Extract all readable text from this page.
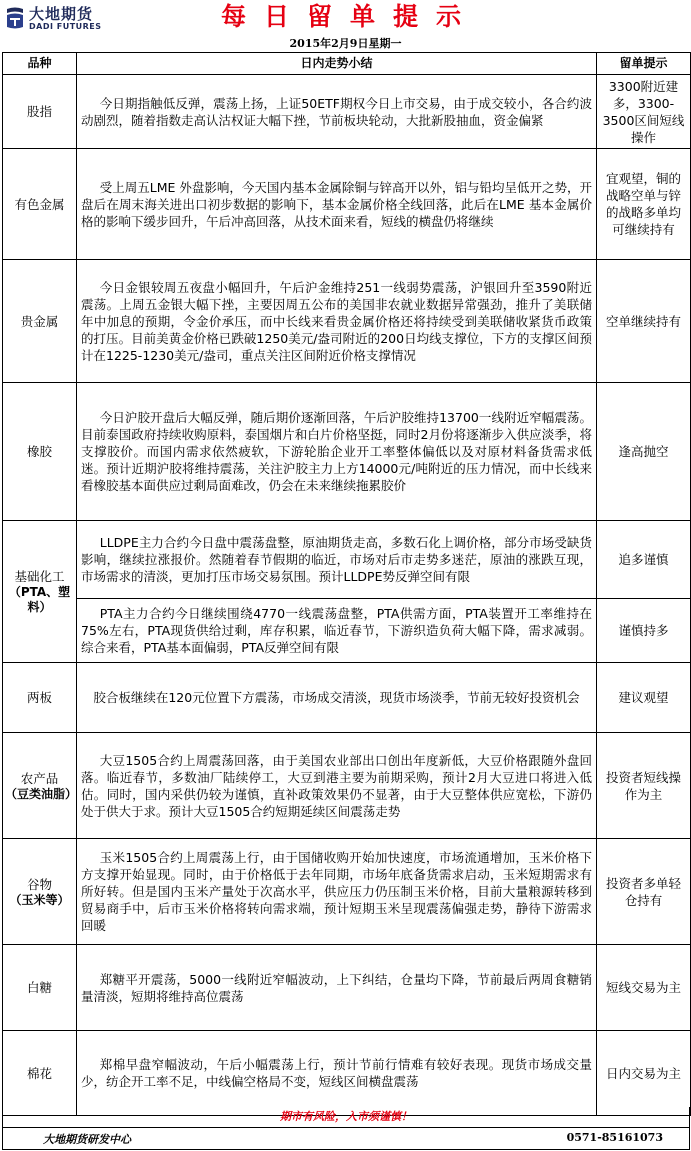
大地期货
DADI FUTURES	每日留单提示
2015年2月9日星期一
品种	日内走势小结	留单提示
股指	今日期指触低反弹，震荡上扬，上证50ETF期权今日上市交易，由于成交较小，各合约波动剧烈，随着指数走高认沽权证大幅下挫，节前板块轮动，大批新股抽血，资金偏紧	3300附近建多，3300-3500区间短线操作
有色金属	受上周五LME 外盘影响，今天国内基本金属除铜与锌高开以外，铝与铅均呈低开之势，开盘后在周末海关进出口初步数据的影响下，基本金属价格全线回落，此后在LME 基本金属价格的影响下缓步回升，午后冲高回落，从技术面来看，短线的横盘仍将继续	宜观望，铜的战略空单与锌的战略多单均可继续持有
贵金属	今日金银较周五夜盘小幅回升，午后沪金维持251一线弱势震荡，沪银回升至3590附近震荡。上周五金银大幅下挫，主要因周五公布的美国非农就业数据异常强劲，推升了美联储年中加息的预期，令金价承压，而中长线来看贵金属价格还将持续受到美联储收紧货币政策的打压。目前美黄金价格已跌破1250美元/盎司附近的200日均线支撑位，下方的支撑区间预计在1225-1230美元/盎司，重点关注区间附近价格支撑情况	空单继续持有
橡胶	今日沪胶开盘后大幅反弹，随后期价逐渐回落，午后沪胶维持13700一线附近窄幅震荡。目前泰国政府持续收购原料，泰国烟片和白片价格坚挺，同时2月份将逐渐步入供应淡季，将支撑胶价。而国内需求依然疲软，下游轮胎企业开工率整体偏低以及对原材料备货需求低迷。预计近期沪胶将维持震荡，关注沪胶主力上方14000元/吨附近的压力情况，而中长线来看橡胶基本面供应过剩局面难改，仍会在未来继续拖累胶价	逢高抛空
基础化工
（PTA、塑料）	LLDPE主力合约今日盘中震荡盘整，原油期货走高，多数石化上调价格，部分市场受缺货影响，继续拉涨报价。然随着春节假期的临近，市场对后市走势多迷茫，原油的涨跌互现，市场需求的清淡，更加打压市场交易氛围。预计LLDPE势反弹空间有限	追多谨慎
	PTA主力合约今日继续围绕4770一线震荡盘整，PTA供需方面，PTA装置开工率维持在75%左右，PTA现货供给过剩，库存积累，临近春节，下游织造负荷大幅下降，需求减弱。综合来看，PTA基本面偏弱，PTA反弹空间有限	谨慎持多
两板	胶合板继续在120元位置下方震荡，市场成交清淡，现货市场淡季，节前无较好投资机会	建议观望
农产品
（豆类油脂）	大豆1505合约上周震荡回落，由于美国农业部出口创出年度新低，大豆价格跟随外盘回落。临近春节，多数油厂陆续停工，大豆到港主要为前期采购，预计2月大豆进口将进入低估。同时，国内采供仍较为谨慎，直补政策效果仍不显著，由于大豆整体供应宽松，下游仍处于供大于求。预计大豆1505合约短期延续区间震荡走势	投资者短线操作为主
谷物
（玉米等）	玉米1505合约上周震荡上行，由于国储收购开始加快速度，市场流通增加，玉米价格下方支撑开始显现。同时，由于价格低于去年同期，市场年底备货需求启动，玉米短期需求有所好转。但是国内玉米产量处于次高水平，供应压力仍压制玉米价格，目前大量粮源转移到贸易商手中，后市玉米价格将转向需求端，预计短期玉米呈现震荡偏强走势，静待下游需求回暖	投资者多单轻仓持有
白糖	郑糖平开震荡，5000一线附近窄幅波动，上下纠结，仓量均下降，节前最后两周食糖销量清淡，短期将维持高位震荡	短线交易为主
棉花	郑棉早盘窄幅波动，午后小幅震荡上行，预计节前行情难有较好表现。现货市场成交量少，纺企开工率不足，中线偏空格局不变，短线区间横盘震荡	日内交易为主
期市有风险，入市须谨慎！
大地期货研发中心	0571-85161073
